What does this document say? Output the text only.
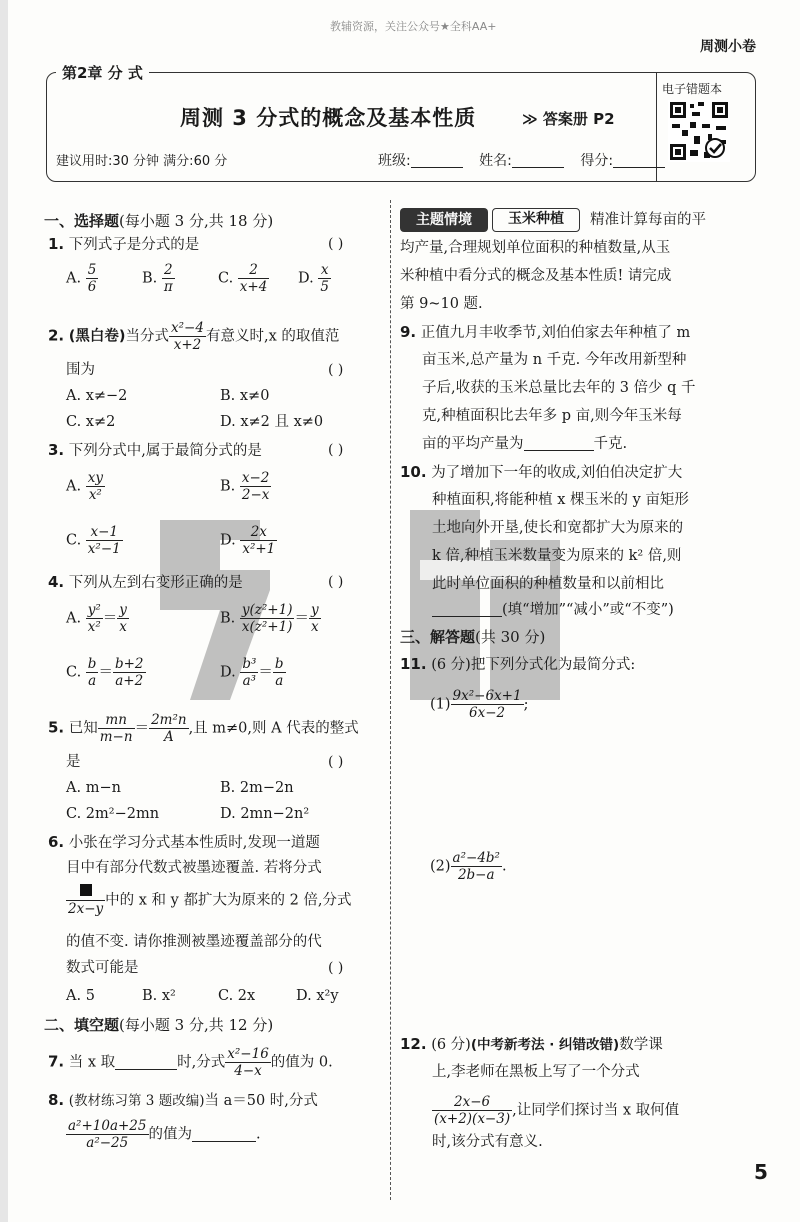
教辅资源，关注公众号★全科AA+
周测小卷
第2章 分 式
周测 3 分式的概念及基本性质	≫ 答案册 P2
电子错题本
建议用时:30 分钟 满分:60 分	班级:	姓名:	得分:
一、选择题(每小题 3 分,共 18 分)
1. 下列式子是分式的是	( )
A. $\frac{5}{6}$	B. $\frac{2}{\pi}$	C. $\frac{2}{x+4} D$. $\frac{x}{5}$
2. (黑白卷)当分式 $\frac{\text{x²−4}}{x+2}$ 有意义时,x 的取值范
围为	( )
A. x≠−2	B. x≠0
C. x≠2	D. x≠2 且 x≠0
3. 下列分式中,属于最简分式的是	( )
A. $\frac{xy}{\text{x²}}$	B. $\frac{x-2}{2-x}$
C. $\frac{x-1}{\text{x²−1}}$	D. $\frac{2x}{\text{x²+1}}$
4. 下列从左到右变形正确的是	( )
A. $\frac{\text{y²}}{\text{x²}} = \frac{y}{x}$	B. $\frac{\text{y(z²+1)}}{\text{x(z²+1)}} = \frac{y}{x}$
C. $\frac{b}{a} = \frac{b+2}{a+2}$	D. $\frac{\text{b³}}{\text{a³}} = \frac{b}{a}$
5. 已知 $\frac{mn}{m-n} = \frac{\text{2m²n}}{A}$ ,且 m≠0,则 A 代表的整式
是	( )
A. m−n	B. 2m−2n
C. 2m²−2mn	D. 2mn−2n²
6. 小张在学习分式基本性质时,发现一道题
目中有部分代数式被墨迹覆盖. 若将分式
2x−y
中的 x 和 y 都扩大为原来的 2 倍,分式
的值不变. 请你推测被墨迹覆盖部分的代
数式可能是	( )
A. 5	B. x²	C. 2x	D. x²y
二、填空题(每小题 3 分,共 12 分)
7. 当 x 取	时,分式 $\frac{\text{x²−16}}{4-x}$ 的值为 0.
8. (教材练习第 3 题改编)当 a＝50 时,分式
$\frac{\text{a²+10a+25}}{\text{a²−25}}$ 的值为	.
主题情境	玉米种植	精准计算每亩的平
均产量,合理规划单位面积的种植数量,从玉
米种植中看分式的概念及基本性质! 请完成
第 9~10 题.
9. 正值九月丰收季节,刘伯伯家去年种植了 m
亩玉米,总产量为 n 千克. 今年改用新型种
子后,收获的玉米总量比去年的 3 倍少 q 千
克,种植面积比去年多 p 亩,则今年玉米每
亩的平均产量为	千克.
10. 为了增加下一年的收成,刘伯伯决定扩大
种植面积,将能种植 x 棵玉米的 y 亩矩形
土地向外开垦,使长和宽都扩大为原来的
k 倍,种植玉米数量变为原来的 k² 倍,则
此时单位面积的种植数量和以前相比
(填“增加”“减小”或“不变”)
三、解答题(共 30 分)
11. (6 分)把下列分式化为最简分式:
$(1) \frac{\text{9x²−6x+1}}{6x-2}$ ;
$(2) \frac{\text{a²−4b²}}{2b-a}$ .
12. (6 分)(中考新考法 · 纠错改错)数学课
上,李老师在黑板上写了一个分式
$\frac{2x-6}{(x+2)(x-3)}$ ,让同学们探讨当 x 取何值
时,该分式有意义.
5
